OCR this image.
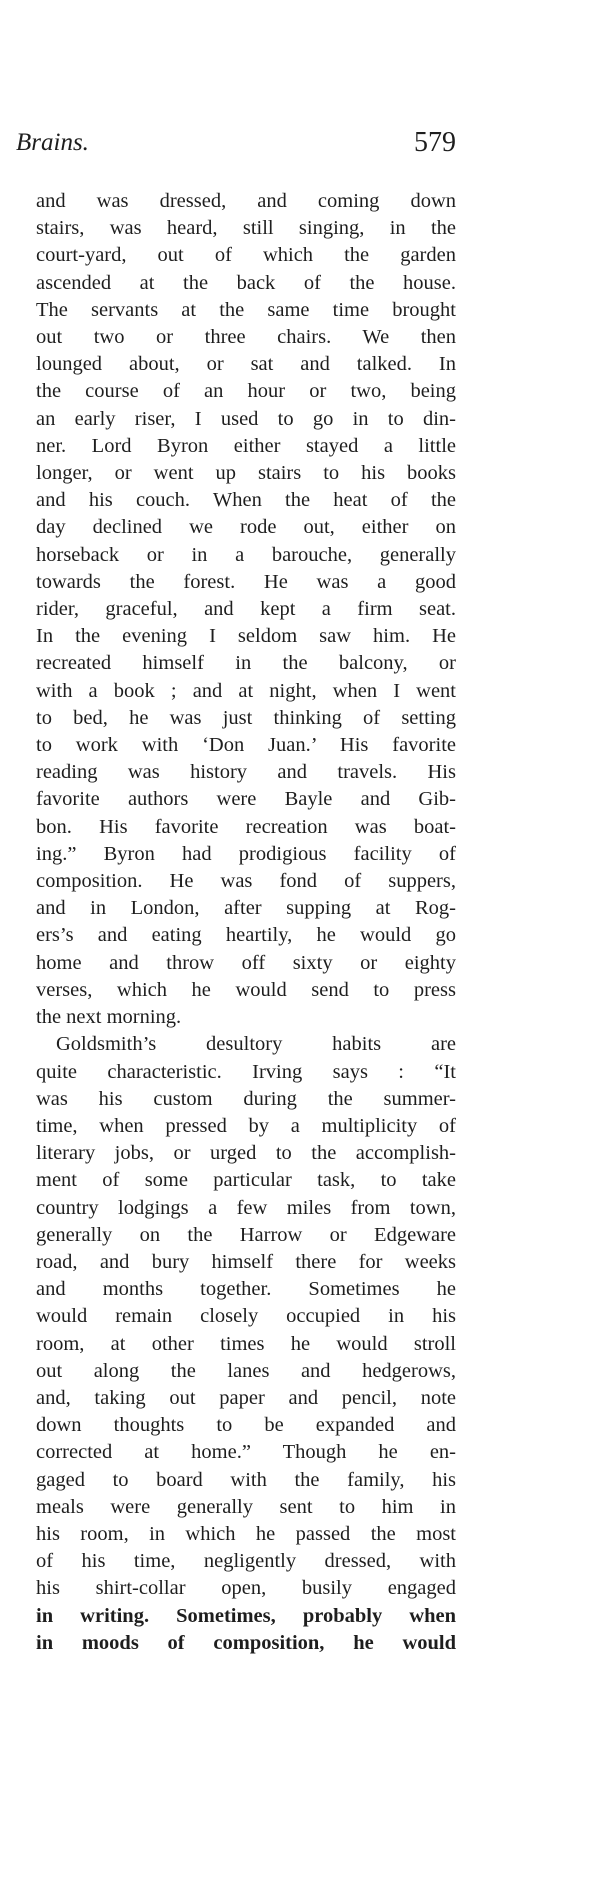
Brains.	579
and was dressed, and coming down
stairs, was heard, still singing, in the
court-yard, out of which the garden
ascended at the back of the house.
The servants at the same time brought
out two or three chairs. We then
lounged about, or sat and talked. In
the course of an hour or two, being
an early riser, I used to go in to din-
ner. Lord Byron either stayed a little
longer, or went up stairs to his books
and his couch. When the heat of the
day declined we rode out, either on
horseback or in a barouche, generally
towards the forest. He was a good
rider, graceful, and kept a firm seat.
In the evening I seldom saw him. He
recreated himself in the balcony, or
with a book ; and at night, when I went
to bed, he was just thinking of setting
to work with ‘Don Juan.’ His favorite
reading was history and travels. His
favorite authors were Bayle and Gib-
bon. His favorite recreation was boat-
ing.” Byron had prodigious facility of
composition. He was fond of suppers,
and in London, after supping at Rog-
ers’s and eating heartily, he would go
home and throw off sixty or eighty
verses, which he would send to press
the next morning.
Goldsmith’s desultory habits are
quite characteristic. Irving says : “It
was his custom during the summer-
time, when pressed by a multiplicity of
literary jobs, or urged to the accomplish-
ment of some particular task, to take
country lodgings a few miles from town,
generally on the Harrow or Edgeware
road, and bury himself there for weeks
and months together. Sometimes he
would remain closely occupied in his
room, at other times he would stroll
out along the lanes and hedgerows,
and, taking out paper and pencil, note
down thoughts to be expanded and
corrected at home.” Though he en-
gaged to board with the family, his
meals were generally sent to him in
his room, in which he passed the most
of his time, negligently dressed, with
his shirt-collar open, busily engaged
in writing. Sometimes, probably when
in moods of composition, he would
